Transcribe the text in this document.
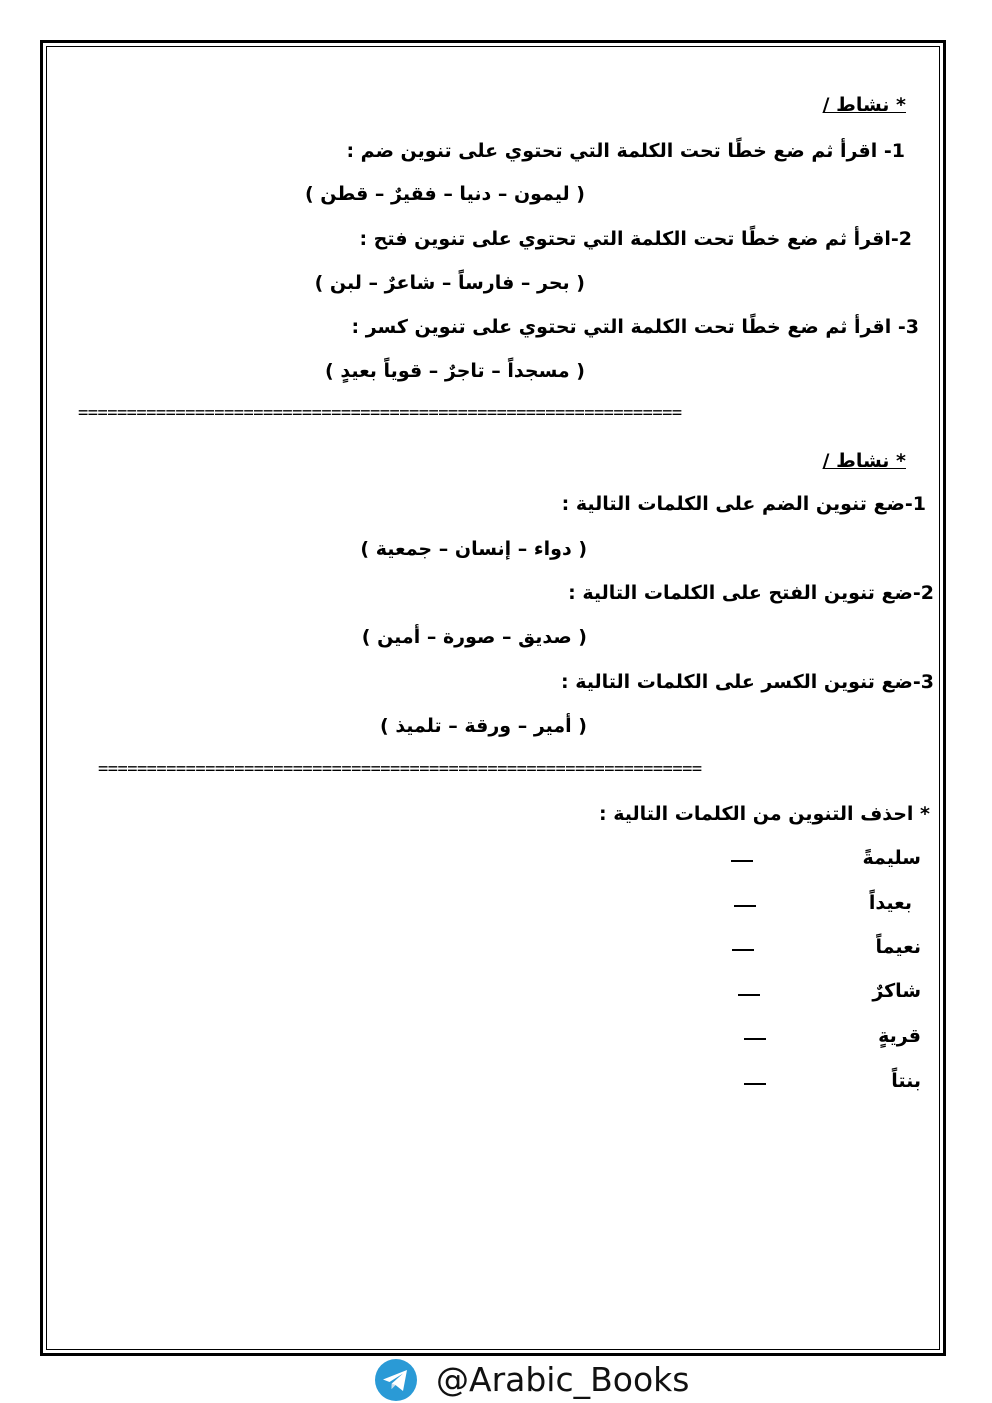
* نشاط /
1- اقرأ ثم ضع خطًا تحت الكلمة التي تحتوي على تنوين ضم :
( ليمون – دنيا – فقيرٌ – قطن )
2-اقرأ ثم ضع خطًا تحت الكلمة التي تحتوي على تنوين فتح :
( بحر – فارساً – شاعرٌ – لبن )
3- اقرأ ثم ضع خطًا تحت الكلمة التي تحتوي على تنوين كسر :
( مسجداً – تاجرٌ – قوياً بعيدٍ )
==============================================================
* نشاط /
1-ضع تنوين الضم على الكلمات التالية :
( دواء – إنسان – جمعية )
2-ضع تنوين الفتح على الكلمات التالية :
( صديق – صورة – أمين )
3-ضع تنوين الكسر على الكلمات التالية :
( أمير – ورقة – تلميذ )
==============================================================
* احذف التنوين من الكلمات التالية :
سليمةً
بعيداً
نعيماً
شاكرٌ
قريةٍ
بنتاً
@Arabic_Books
